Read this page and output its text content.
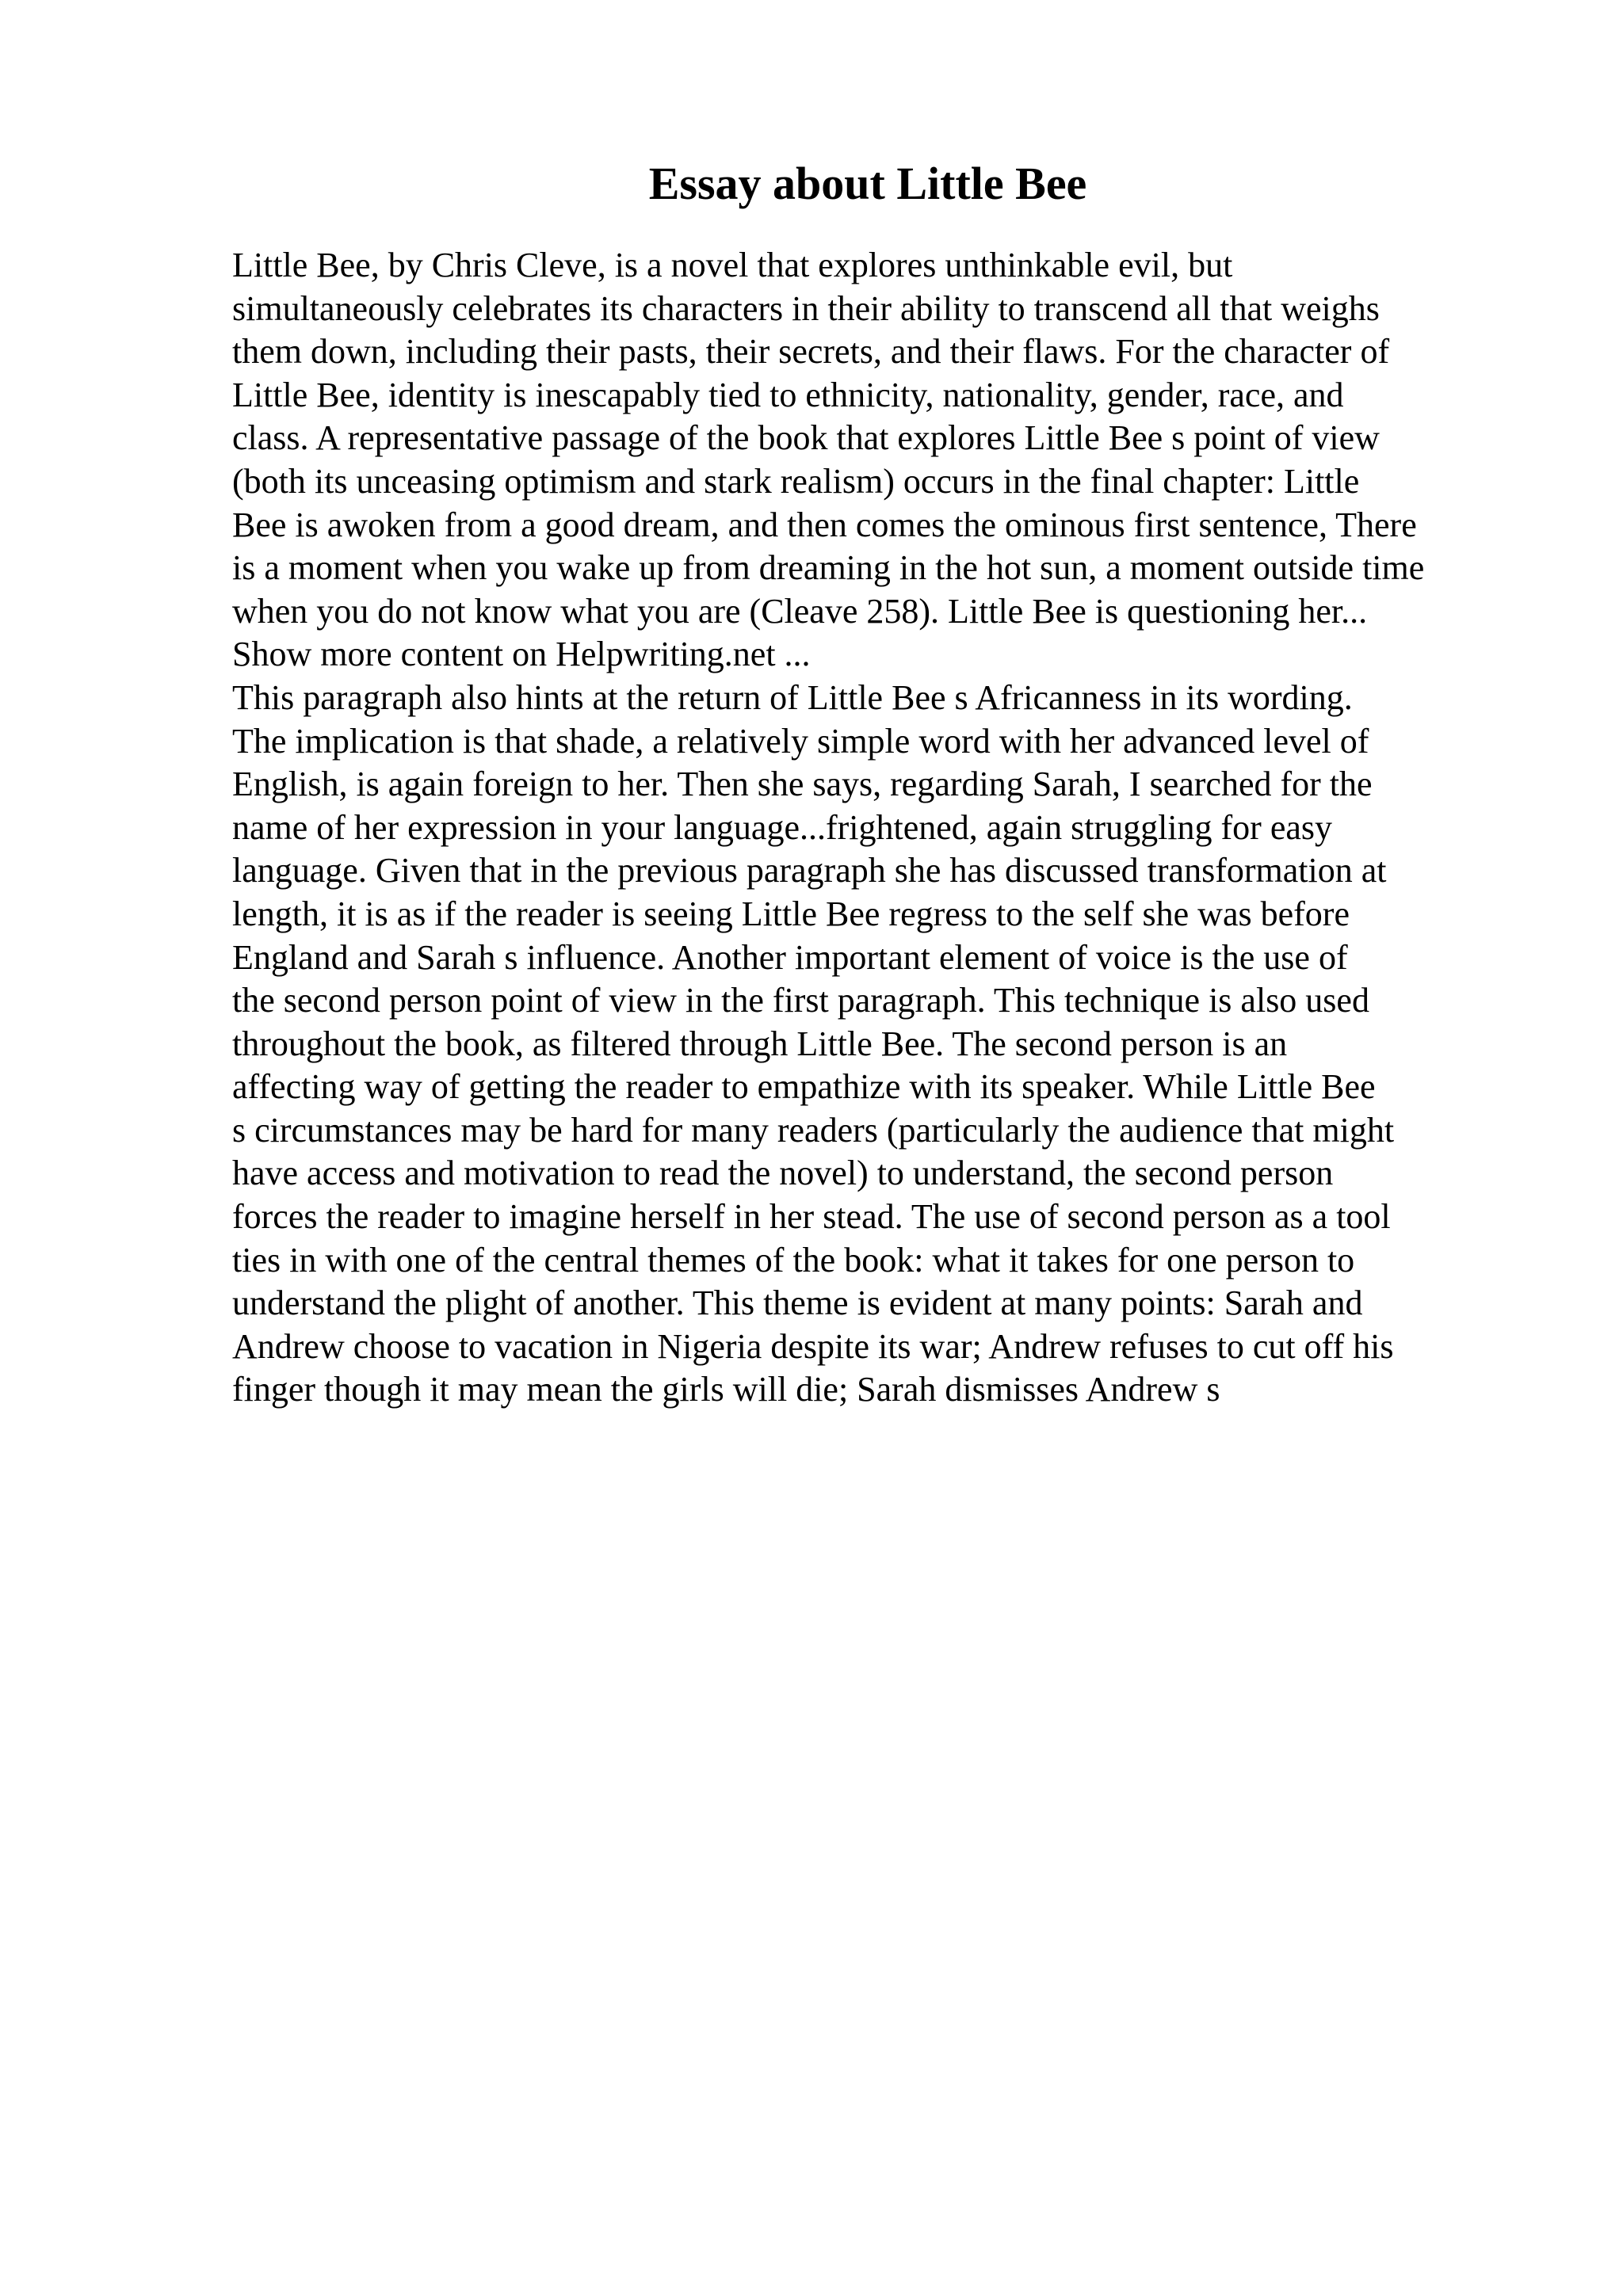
Essay about Little Bee
Little Bee, by Chris Cleve, is a novel that explores unthinkable evil, but
simultaneously celebrates its characters in their ability to transcend all that weighs
them down, including their pasts, their secrets, and their flaws. For the character of
Little Bee, identity is inescapably tied to ethnicity, nationality, gender, race, and
class. A representative passage of the book that explores Little Bee s point of view
(both its unceasing optimism and stark realism) occurs in the final chapter: Little
Bee is awoken from a good dream, and then comes the ominous first sentence, There
is a moment when you wake up from dreaming in the hot sun, a moment outside time
when you do not know what you are (Cleave 258). Little Bee is questioning her...
Show more content on Helpwriting.net ...
This paragraph also hints at the return of Little Bee s Africanness in its wording.
The implication is that shade, a relatively simple word with her advanced level of
English, is again foreign to her. Then she says, regarding Sarah, I searched for the
name of her expression in your language...frightened, again struggling for easy
language. Given that in the previous paragraph she has discussed transformation at
length, it is as if the reader is seeing Little Bee regress to the self she was before
England and Sarah s influence. Another important element of voice is the use of
the second person point of view in the first paragraph. This technique is also used
throughout the book, as filtered through Little Bee. The second person is an
affecting way of getting the reader to empathize with its speaker. While Little Bee
s circumstances may be hard for many readers (particularly the audience that might
have access and motivation to read the novel) to understand, the second person
forces the reader to imagine herself in her stead. The use of second person as a tool
ties in with one of the central themes of the book: what it takes for one person to
understand the plight of another. This theme is evident at many points: Sarah and
Andrew choose to vacation in Nigeria despite its war; Andrew refuses to cut off his
finger though it may mean the girls will die; Sarah dismisses Andrew s
